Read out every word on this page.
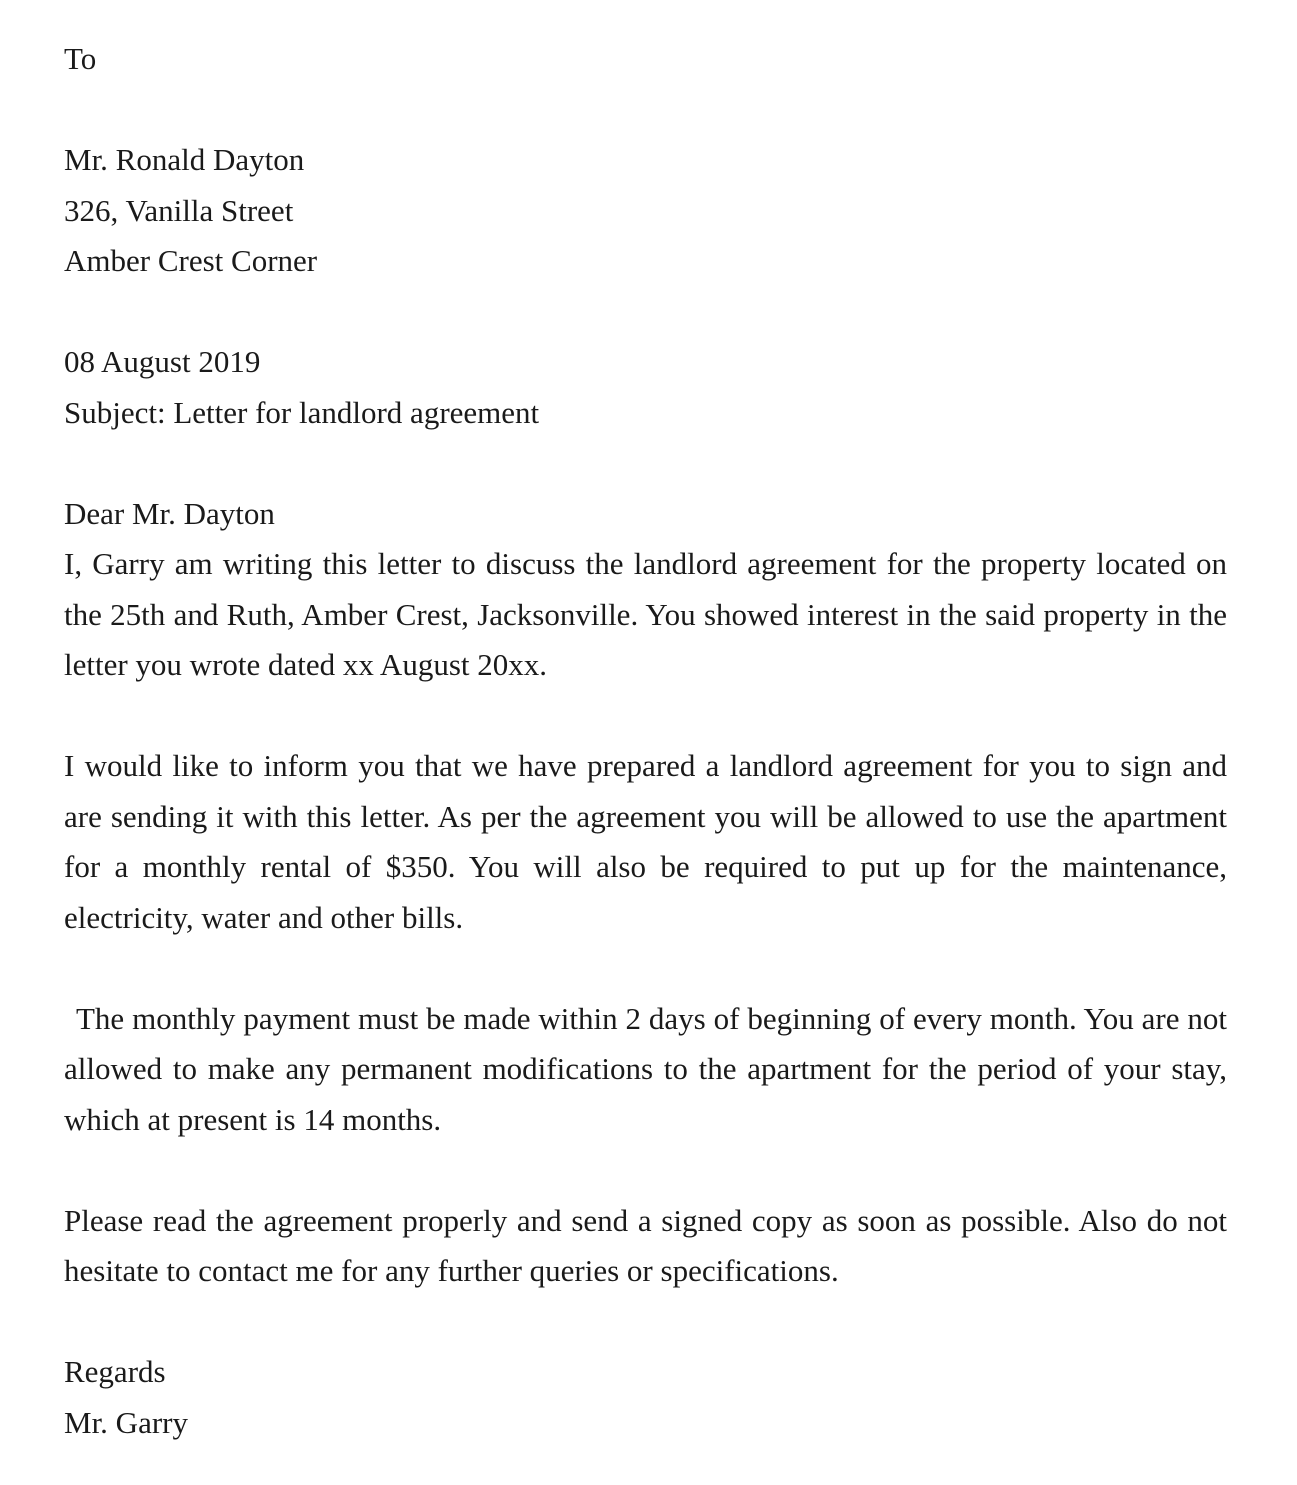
To
Mr. Ronald Dayton
326, Vanilla Street
Amber Crest Corner
08 August 2019
Subject: Letter for landlord agreement
Dear Mr. Dayton

I, Garry am writing this letter to discuss the landlord agreement for the property located on the 25th and Ruth, Amber Crest, Jacksonville. You showed interest in the said property in the letter you wrote dated xx August 20xx.

I would like to inform you that we have prepared a landlord agreement for you to sign and are sending it with this letter. As per the agreement you will be allowed to use the apartment for a monthly rental of $350. You will also be required to put up for the maintenance, electricity, water and other bills.

The monthly payment must be made within 2 days of beginning of every month. You are not allowed to make any permanent modifications to the apartment for the period of your stay, which at present is 14 months.

Please read the agreement properly and send a signed copy as soon as possible. Also do not hesitate to contact me for any further queries or specifications.

Regards
Mr. Garry
